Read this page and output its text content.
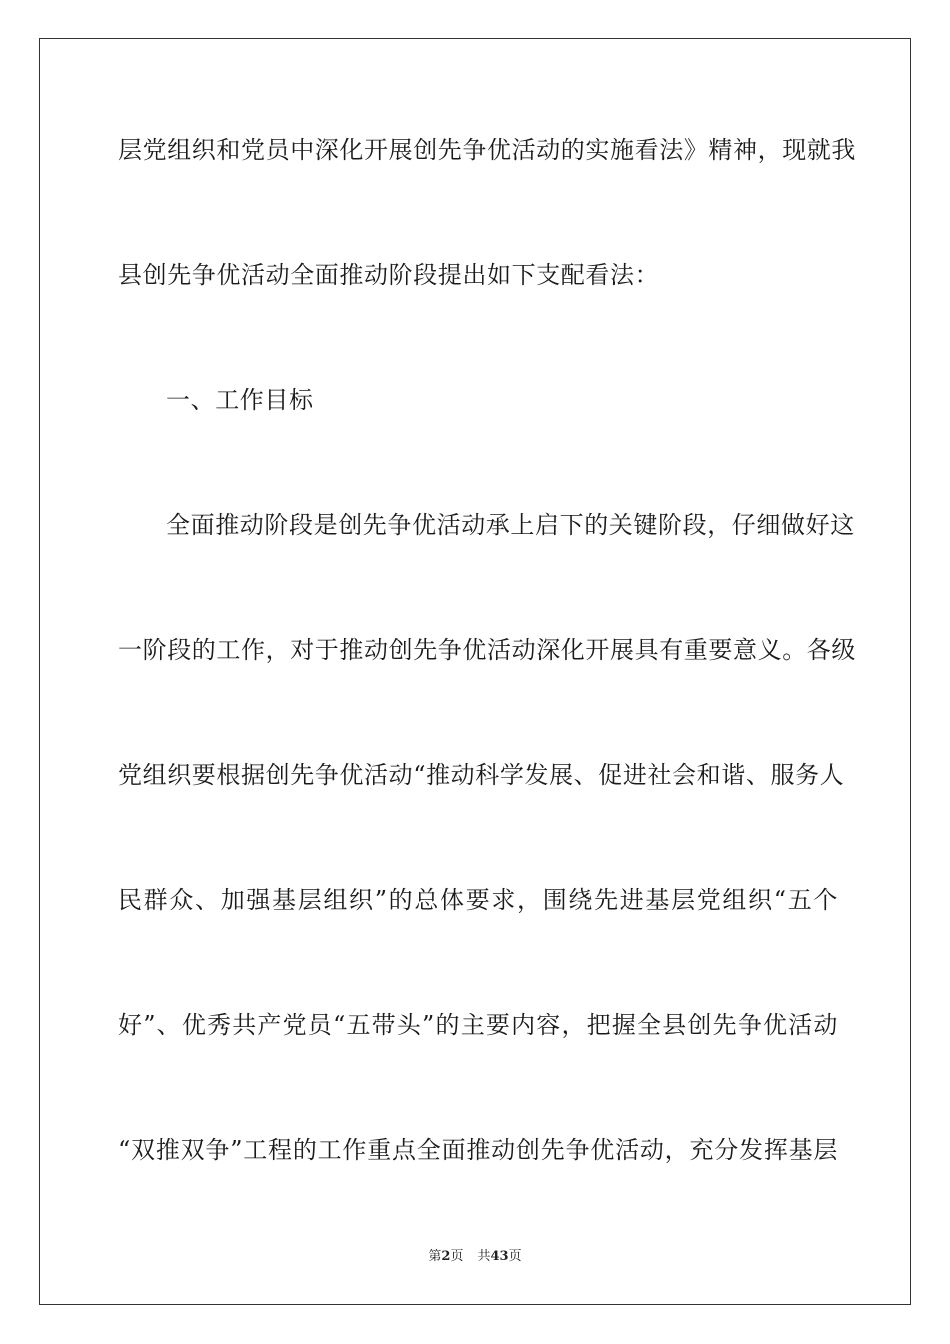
层党组织和党员中深化开展创先争优活动的实施看法》精神，现就我
县创先争优活动全面推动阶段提出如下支配看法：
一、工作目标
全面推动阶段是创先争优活动承上启下的关键阶段，仔细做好这
一阶段的工作，对于推动创先争优活动深化开展具有重要意义。各级
党组织要根据创先争优活动“推动科学发展、促进社会和谐、服务人
民群众、加强基层组织”的总体要求，围绕先进基层党组织“五个
好”、优秀共产党员“五带头”的主要内容，把握全县创先争优活动
“双推双争”工程的工作重点全面推动创先争优活动，充分发挥基层
第2页 共43页
